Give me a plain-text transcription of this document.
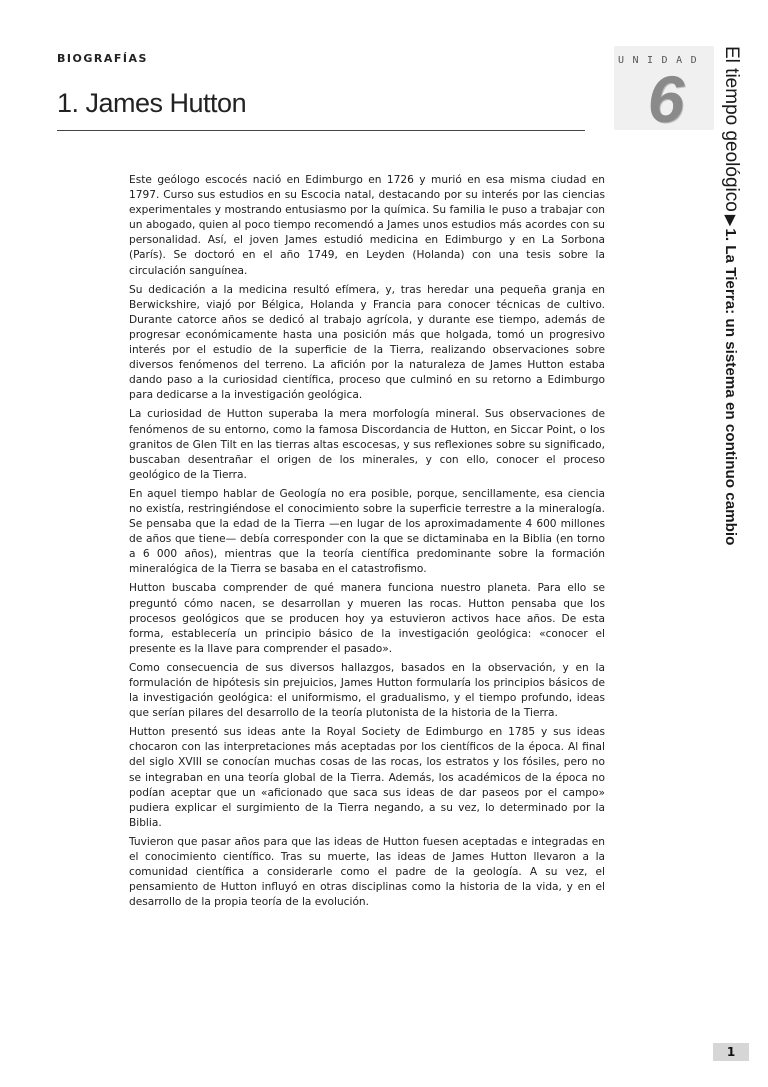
BIOGRAFÍAS
1. James Hutton
UNIDAD
6	El tiempo geológico
▶
1. La Tierra: un sistema en continuo cambio

Este geólogo escocés nació en Edimburgo en 1726 y murió en esa misma ciudad en 1797. Curso sus estudios en su Escocia natal, destacando por su interés por las ciencias experimentales y mostrando entusiasmo por la química. Su familia le puso a trabajar con un abogado, quien al poco tiempo recomendó a James unos estudios más acordes con su personalidad. Así, el joven James estudió medicina en Edimburgo y en La Sorbona (París). Se doctoró en el año 1749, en Leyden (Holanda) con una tesis sobre la circulación sanguínea.

Su dedicación a la medicina resultó efímera, y, tras heredar una pequeña granja en Berwickshire, viajó por Bélgica, Holanda y Francia para conocer técnicas de cultivo. Durante catorce años se dedicó al trabajo agrícola, y durante ese tiempo, además de progresar económicamente hasta una posición más que holgada, tomó un progresivo interés por el estudio de la superficie de la Tierra, realizando observaciones sobre diversos fenómenos del terreno. La afición por la naturaleza de James Hutton estaba dando paso a la curiosidad científica, proceso que culminó en su retorno a Edimburgo para dedicarse a la investigación geológica.

La curiosidad de Hutton superaba la mera morfología mineral. Sus observaciones de fenómenos de su entorno, como la famosa Discordancia de Hutton, en Siccar Point, o los granitos de Glen Tilt en las tierras altas escocesas, y sus reflexiones sobre su significado, buscaban desentrañar el origen de los minerales, y con ello, conocer el proceso geológico de la Tierra.

En aquel tiempo hablar de Geología no era posible, porque, sencillamente, esa ciencia no existía, restringiéndose el conocimiento sobre la superficie terrestre a la mineralogía. Se pensaba que la edad de la Tierra —en lugar de los aproximadamente 4 600 millones de años que tiene— debía corresponder con la que se dictaminaba en la Biblia (en torno a 6 000 años), mientras que la teoría científica predominante sobre la formación mineralógica de la Tierra se basaba en el catastrofismo.

Hutton buscaba comprender de qué manera funciona nuestro planeta. Para ello se preguntó cómo nacen, se desarrollan y mueren las rocas. Hutton pensaba que los procesos geológicos que se producen hoy ya estuvieron activos hace años. De esta forma, establecería un principio básico de la investigación geológica: «conocer el presente es la llave para comprender el pasado».

Como consecuencia de sus diversos hallazgos, basados en la observación, y en la formulación de hipótesis sin prejuicios, James Hutton formularía los principios básicos de la investigación geológica: el uniformismo, el gradualismo, y el tiempo profundo, ideas que serían pilares del desarrollo de la teoría plutonista de la historia de la Tierra.

Hutton presentó sus ideas ante la Royal Society de Edimburgo en 1785 y sus ideas chocaron con las interpretaciones más aceptadas por los científicos de la época. Al final del siglo XVIII se conocían muchas cosas de las rocas, los estratos y los fósiles, pero no se integraban en una teoría global de la Tierra. Además, los académicos de la época no podían aceptar que un «aficionado que saca sus ideas de dar paseos por el campo» pudiera explicar el surgimiento de la Tierra negando, a su vez, lo determinado por la Biblia.

Tuvieron que pasar años para que las ideas de Hutton fuesen aceptadas e integradas en el conocimiento científico. Tras su muerte, las ideas de James Hutton llevaron a la comunidad científica a considerarle como el padre de la geología. A su vez, el pensamiento de Hutton influyó en otras disciplinas como la historia de la vida, y en el desarrollo de la propia teoría de la evolución.

1
